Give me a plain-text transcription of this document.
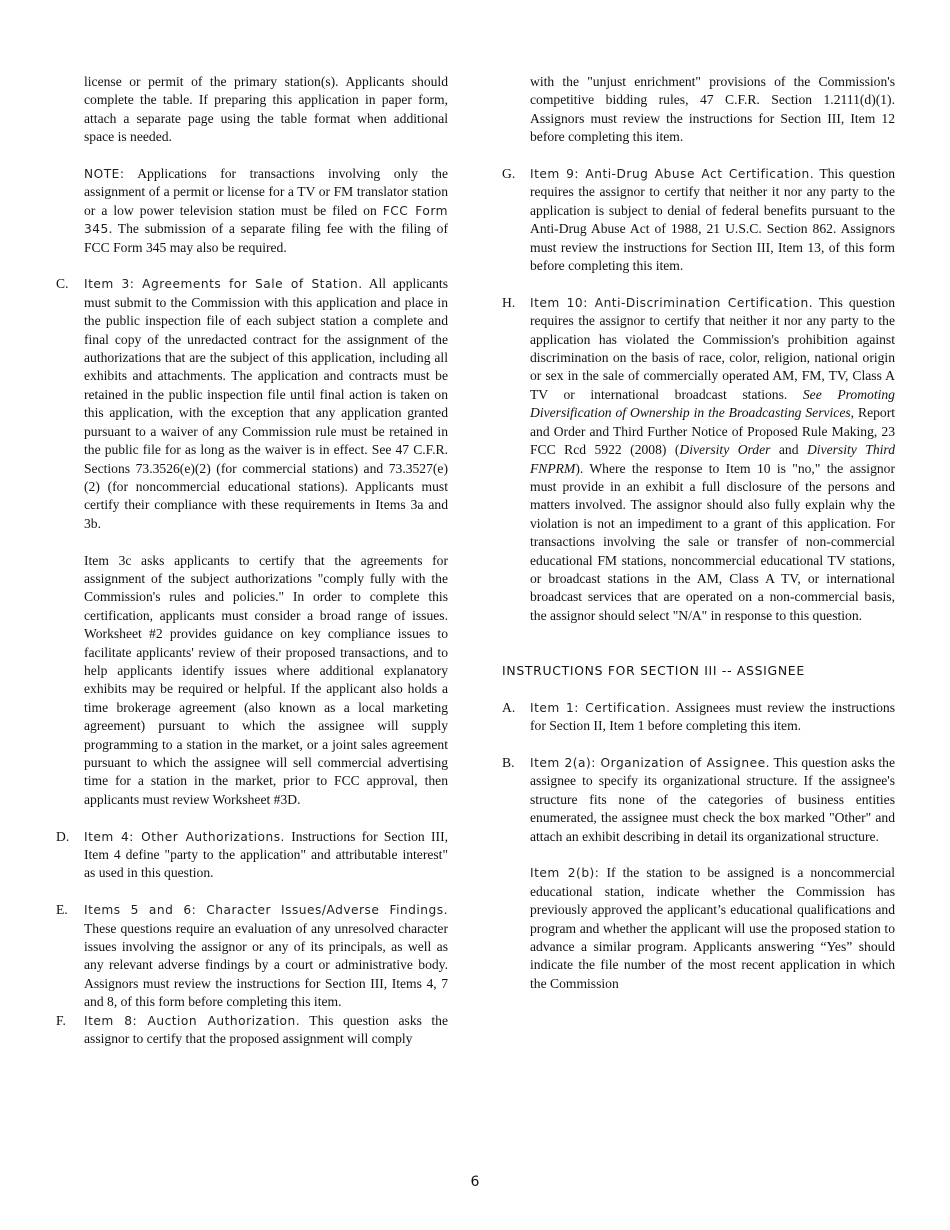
license or permit of the primary station(s). Applicants should complete the table. If preparing this application in paper form, attach a separate page using the table format when additional space is needed.

NOTE: Applications for transactions involving only the assignment of a permit or license for a TV or FM translator station or a low power television station must be filed on FCC Form 345. The submission of a separate filing fee with the filing of FCC Form 345 may also be required.

C. Item 3: Agreements for Sale of Station. All applicants must submit to the Commission with this application and place in the public inspection file of each subject station a complete and final copy of the unredacted contract for the assignment of the authorizations that are the subject of this application, including all exhibits and attachments. The application and contracts must be retained in the public inspection file until final action is taken on this application, with the exception that any application granted pursuant to a waiver of any Commission rule must be retained in the public file for as long as the waiver is in effect. See 47 C.F.R. Sections 73.3526(e)(2) (for commercial stations) and 73.3527(e)(2) (for noncommercial educational stations). Applicants must certify their compliance with these requirements in Items 3a and 3b.

Item 3c asks applicants to certify that the agreements for assignment of the subject authorizations "comply fully with the Commission's rules and policies." In order to complete this certification, applicants must consider a broad range of issues. Worksheet #2 provides guidance on key compliance issues to facilitate applicants' review of their proposed transactions, and to help applicants identify issues where additional explanatory exhibits may be required or helpful. If the applicant also holds a time brokerage agreement (also known as a local marketing agreement) pursuant to which the assignee will supply programming to a station in the market, or a joint sales agreement pursuant to which the assignee will sell commercial advertising time for a station in the market, prior to FCC approval, then applicants must review Worksheet #3D.

D. Item 4: Other Authorizations. Instructions for Section III, Item 4 define "party to the application" and attributable interest" as used in this question.

E. Items 5 and 6: Character Issues/Adverse Findings. These questions require an evaluation of any unresolved character issues involving the assignor or any of its principals, as well as any relevant adverse findings by a court or administrative body. Assignors must review the instructions for Section III, Items 4, 7 and 8, of this form before completing this item.

F. Item 8: Auction Authorization. This question asks the assignor to certify that the proposed assignment will comply

with the "unjust enrichment" provisions of the Commission's competitive bidding rules, 47 C.F.R. Section 1.2111(d)(1). Assignors must review the instructions for Section III, Item 12 before completing this item.

G. Item 9: Anti-Drug Abuse Act Certification. This question requires the assignor to certify that neither it nor any party to the application is subject to denial of federal benefits pursuant to the Anti-Drug Abuse Act of 1988, 21 U.S.C. Section 862. Assignors must review the instructions for Section III, Item 13, of this form before completing this item.

H. Item 10: Anti-Discrimination Certification. This question requires the assignor to certify that neither it nor any party to the application has violated the Commission's prohibition against discrimination on the basis of race, color, religion, national origin or sex in the sale of commercially operated AM, FM, TV, Class A TV or international broadcast stations. See Promoting Diversification of Ownership in the Broadcasting Services, Report and Order and Third Further Notice of Proposed Rule Making, 23 FCC Rcd 5922 (2008) (Diversity Order and Diversity Third FNPRM). Where the response to Item 10 is "no," the assignor must provide in an exhibit a full disclosure of the persons and matters involved. The assignor should also fully explain why the violation is not an impediment to a grant of this application. For transactions involving the sale or transfer of non-commercial educational FM stations, noncommercial educational TV stations, or broadcast stations in the AM, Class A TV, or international broadcast services that are operated on a non-commercial basis, the assignor should select "N/A" in response to this question.

INSTRUCTIONS FOR SECTION III -- ASSIGNEE

A. Item 1: Certification. Assignees must review the instructions for Section II, Item 1 before completing this item.

B. Item 2(a): Organization of Assignee. This question asks the assignee to specify its organizational structure. If the assignee's structure fits none of the categories of business entities enumerated, the assignee must check the box marked "Other" and attach an exhibit describing in detail its organizational structure.

Item 2(b): If the station to be assigned is a noncommercial educational station, indicate whether the Commission has previously approved the applicant’s educational qualifications and program and whether the applicant will use the proposed station to advance a similar program. Applicants answering “Yes” should indicate the file number of the most recent application in which the Commission

6
